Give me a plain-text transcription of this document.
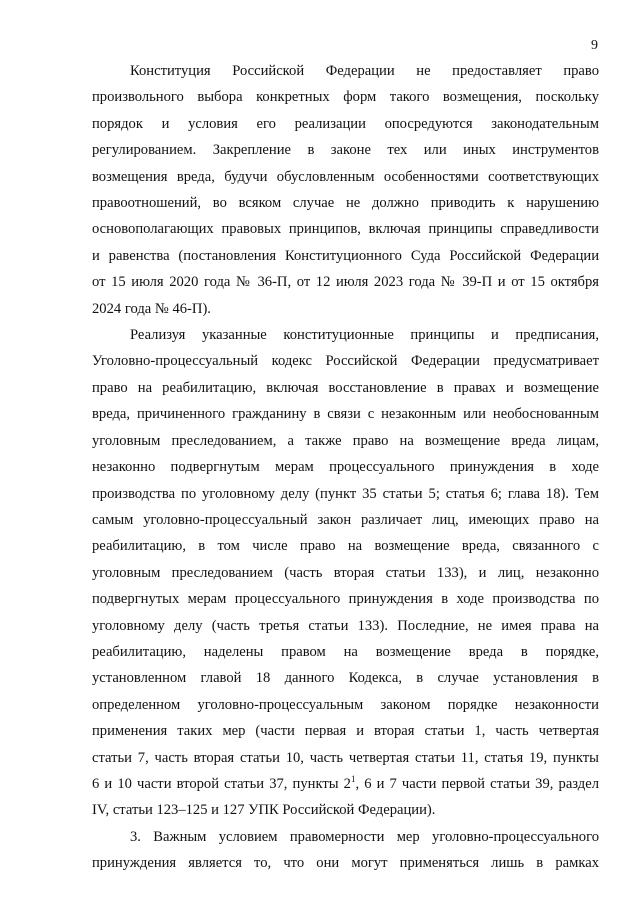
9

Конституция Российской Федерации не предоставляет право
произвольного выбора конкретных форм такого возмещения, поскольку
порядок и условия его реализации опосредуются законодательным
регулированием. Закрепление в законе тех или иных инструментов
возмещения вреда, будучи обусловленным особенностями соответствующих
правоотношений, во всяком случае не должно приводить к нарушению
основополагающих правовых принципов, включая принципы справедливости
и равенства (постановления Конституционного Суда Российской Федерации
от 15 июля 2020 года № 36-П, от 12 июля 2023 года № 39-П и от 15 октября
2024 года № 46-П).

Реализуя указанные конституционные принципы и предписания,
Уголовно-процессуальный кодекс Российской Федерации предусматривает
право на реабилитацию, включая восстановление в правах и возмещение
вреда, причиненного гражданину в связи с незаконным или необоснованным
уголовным преследованием, а также право на возмещение вреда лицам,
незаконно подвергнутым мерам процессуального принуждения в ходе
производства по уголовному делу (пункт 35 статьи 5; статья 6; глава 18). Тем
самым уголовно-процессуальный закон различает лиц, имеющих право на
реабилитацию, в том числе право на возмещение вреда, связанного с
уголовным преследованием (часть вторая статьи 133), и лиц, незаконно
подвергнутых мерам процессуального принуждения в ходе производства по
уголовному делу (часть третья статьи 133). Последние, не имея права на
реабилитацию, наделены правом на возмещение вреда в порядке,
установленном главой 18 данного Кодекса, в случае установления в
определенном уголовно-процессуальным законом порядке незаконности
применения таких мер (части первая и вторая статьи 1, часть четвертая
статьи 7, часть вторая статьи 10, часть четвертая статьи 11, статья 19, пункты
6 и 10 части второй статьи 37, пункты $2^1$, 6 и 7 части первой статьи 39, раздел
IV, статьи 123–125 и 127 УПК Российской Федерации).

3. Важным условием правомерности мер уголовно-процессуального
принуждения является то, что они могут применяться лишь в рамках
